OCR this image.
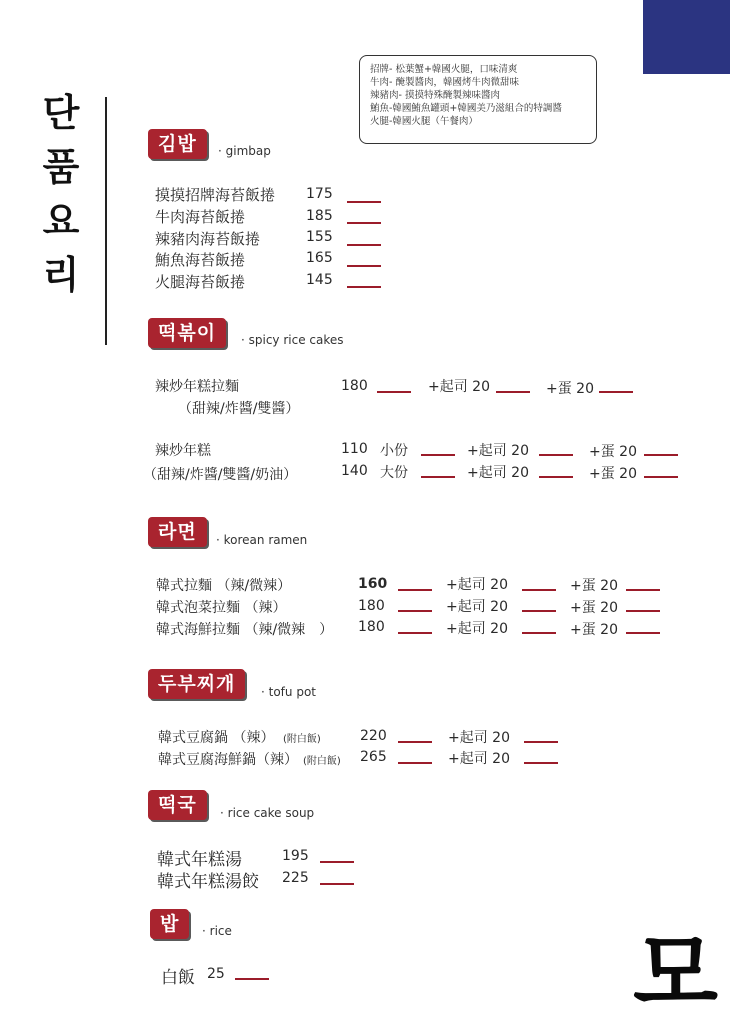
단
품
요
리
招牌- 松葉蟹+韓國火腿，口味清爽
牛肉- 醃製醬肉，韓國烤牛肉微甜味
辣豬肉- 摸摸特殊醃製辣味醬肉
鮪魚-韓國鮪魚罐頭+韓國美乃滋組合的特調醬
火腿-韓國火腿（午餐肉）
김밥	· gimbap
摸摸招牌海苔飯捲 175
牛肉海苔飯捲	185
辣豬肉海苔飯捲	155
鮪魚海苔飯捲	165
火腿海苔飯捲	145
떡볶이	· spicy rice cakes
辣炒年糕拉麵
（甜辣/炸醬/雙醬）
180	+起司 20	+蛋 20
辣炒年糕
（甜辣/炸醬/雙醬/奶油）
110 小份	+起司 20	+蛋 20
140 大份	+起司 20	+蛋 20
라면	· korean ramen
韓式拉麵 （辣/微辣）	160	+起司 20	+蛋 20
韓式泡菜拉麵 （辣）	180	+起司 20	+蛋 20
韓式海鮮拉麵 （辣/微辣　） 180	+起司 20	+蛋 20
두부찌개	· tofu pot
韓式豆腐鍋 （辣） (附白飯)	220	+起司 20
韓式豆腐海鮮鍋（辣） (附白飯) 265	+起司 20
떡국	· rice cake soup
韓式年糕湯	195
韓式年糕湯餃 225
밥	· rice
白飯 25	모
